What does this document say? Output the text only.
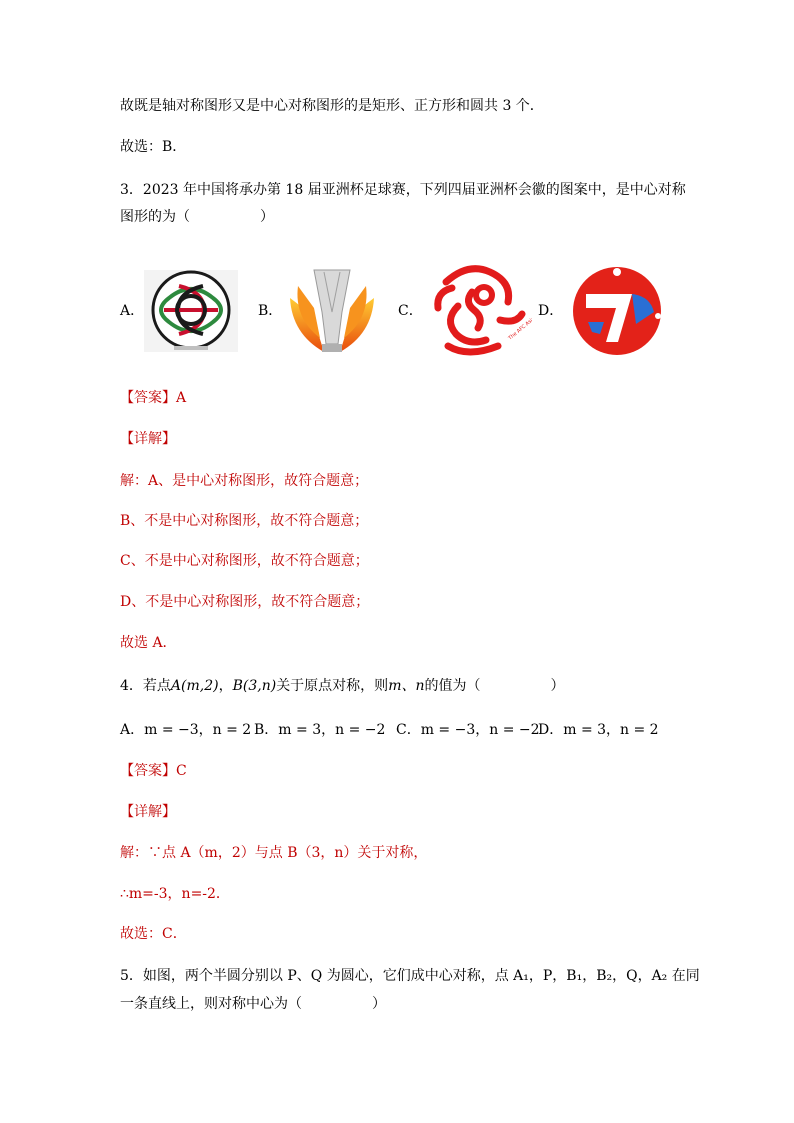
故既是轴对称图形又是中心对称图形的是矩形、正方形和圆共 3 个．
故选：B．
3．2023 年中国将承办第 18 届亚洲杯足球赛，下列四届亚洲杯会徽的图案中，是中心对称
图形的为（　　　　　）
A．	B．	C．
The AFC Asian
D．
【答案】A
【详解】
解：A、是中心对称图形，故符合题意；
B、不是中心对称图形，故不符合题意；
C、不是中心对称图形，故不符合题意；
D、不是中心对称图形，故不符合题意；
故选 A．
4．若点A(m,2)，B(3,n)关于原点对称，则m、n的值为（　　　　　）
A．m = −3，n = 2 B．m = 3，n = −2 C．m = −3，n = −2
D．m = 3，n = 2
【答案】C
【详解】
解：∵点 A（m，2）与点 B（3，n）关于对称，
∴m=-3，n=-2．
故选：C．
5．如图，两个半圆分别以 P、Q 为圆心，它们成中心对称，点 A₁，P，B₁，B₂，Q，A₂ 在同
一条直线上，则对称中心为（　　　　　）
